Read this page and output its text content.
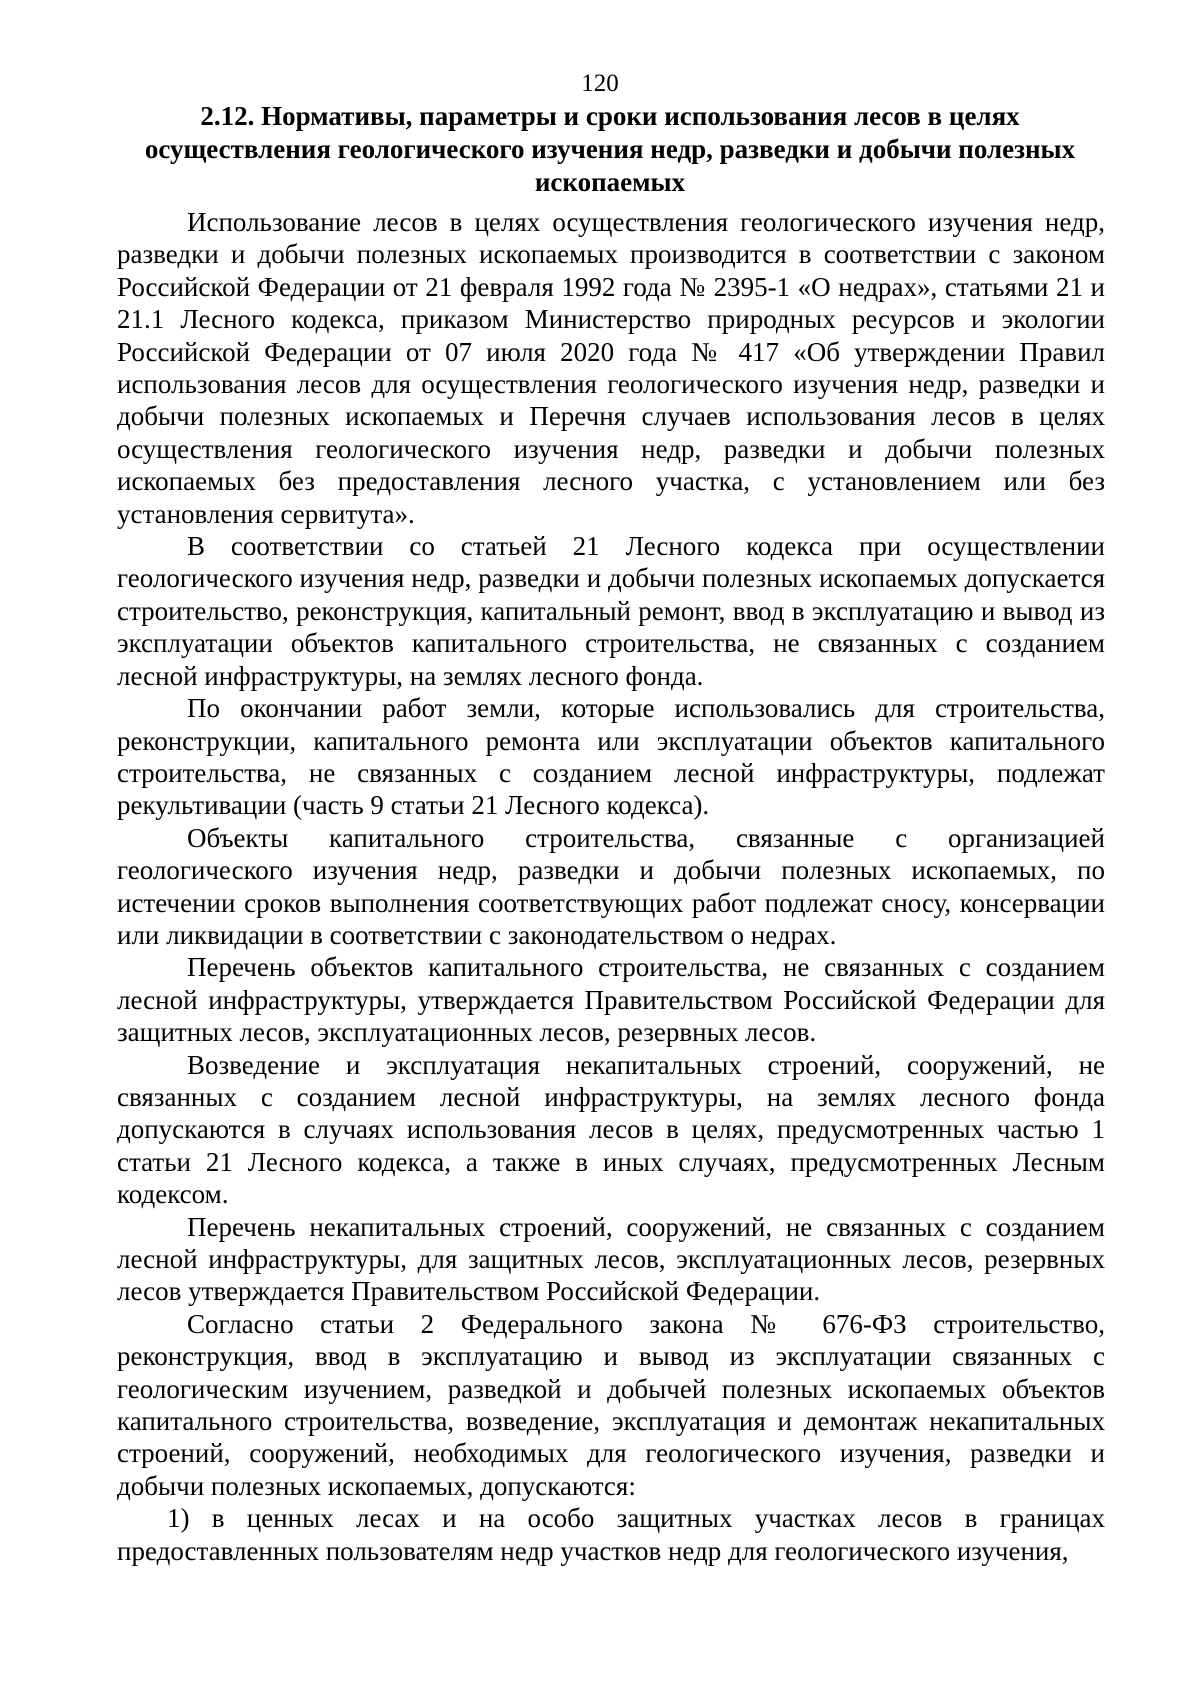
120
2.12. Нормативы, параметры и сроки использования лесов в целях осуществления геологического изучения недр, разведки и добычи полезных ископаемых

Использование лесов в целях осуществления геологического изучения недр, разведки и добычи полезных ископаемых производится в соответствии с законом Российской Федерации от 21 февраля 1992 года № 2395-1 «О недрах», статьями 21 и 21.1 Лесного кодекса, приказом Министерство природных ресурсов и экологии Российской Федерации от 07 июля 2020 года № 417 «Об утверждении Правил использования лесов для осуществления геологического изучения недр, разведки и добычи полезных ископаемых и Перечня случаев использования лесов в целях осуществления геологического изучения недр, разведки и добычи полезных ископаемых без предоставления лесного участка, с установлением или без установления сервитута».

В соответствии со статьей 21 Лесного кодекса при осуществлении геологического изучения недр, разведки и добычи полезных ископаемых допускается строительство, реконструкция, капитальный ремонт, ввод в эксплуатацию и вывод из эксплуатации объектов капитального строительства, не связанных с созданием лесной инфраструктуры, на землях лесного фонда.

По окончании работ земли, которые использовались для строительства, реконструкции, капитального ремонта или эксплуатации объектов капитального строительства, не связанных с созданием лесной инфраструктуры, подлежат рекультивации (часть 9 статьи 21 Лесного кодекса).

Объекты капитального строительства, связанные с организацией геологического изучения недр, разведки и добычи полезных ископаемых, по истечении сроков выполнения соответствующих работ подлежат сносу, консервации или ликвидации в соответствии с законодательством о недрах.

Перечень объектов капитального строительства, не связанных с созданием лесной инфраструктуры, утверждается Правительством Российской Федерации для защитных лесов, эксплуатационных лесов, резервных лесов.

Возведение и эксплуатация некапитальных строений, сооружений, не связанных с созданием лесной инфраструктуры, на землях лесного фонда допускаются в случаях использования лесов в целях, предусмотренных частью 1 статьи 21 Лесного кодекса, а также в иных случаях, предусмотренных Лесным кодексом.

Перечень некапитальных строений, сооружений, не связанных с созданием лесной инфраструктуры, для защитных лесов, эксплуатационных лесов, резервных лесов утверждается Правительством Российской Федерации.

Согласно статьи 2 Федерального закона № 676-ФЗ строительство, реконструкция, ввод в эксплуатацию и вывод из эксплуатации связанных с геологическим изучением, разведкой и добычей полезных ископаемых объектов капитального строительства, возведение, эксплуатация и демонтаж некапитальных строений, сооружений, необходимых для геологического изучения, разведки и добычи полезных ископаемых, допускаются:

1) в ценных лесах и на особо защитных участках лесов в границах предоставленных пользователям недр участков недр для геологического изучения,
